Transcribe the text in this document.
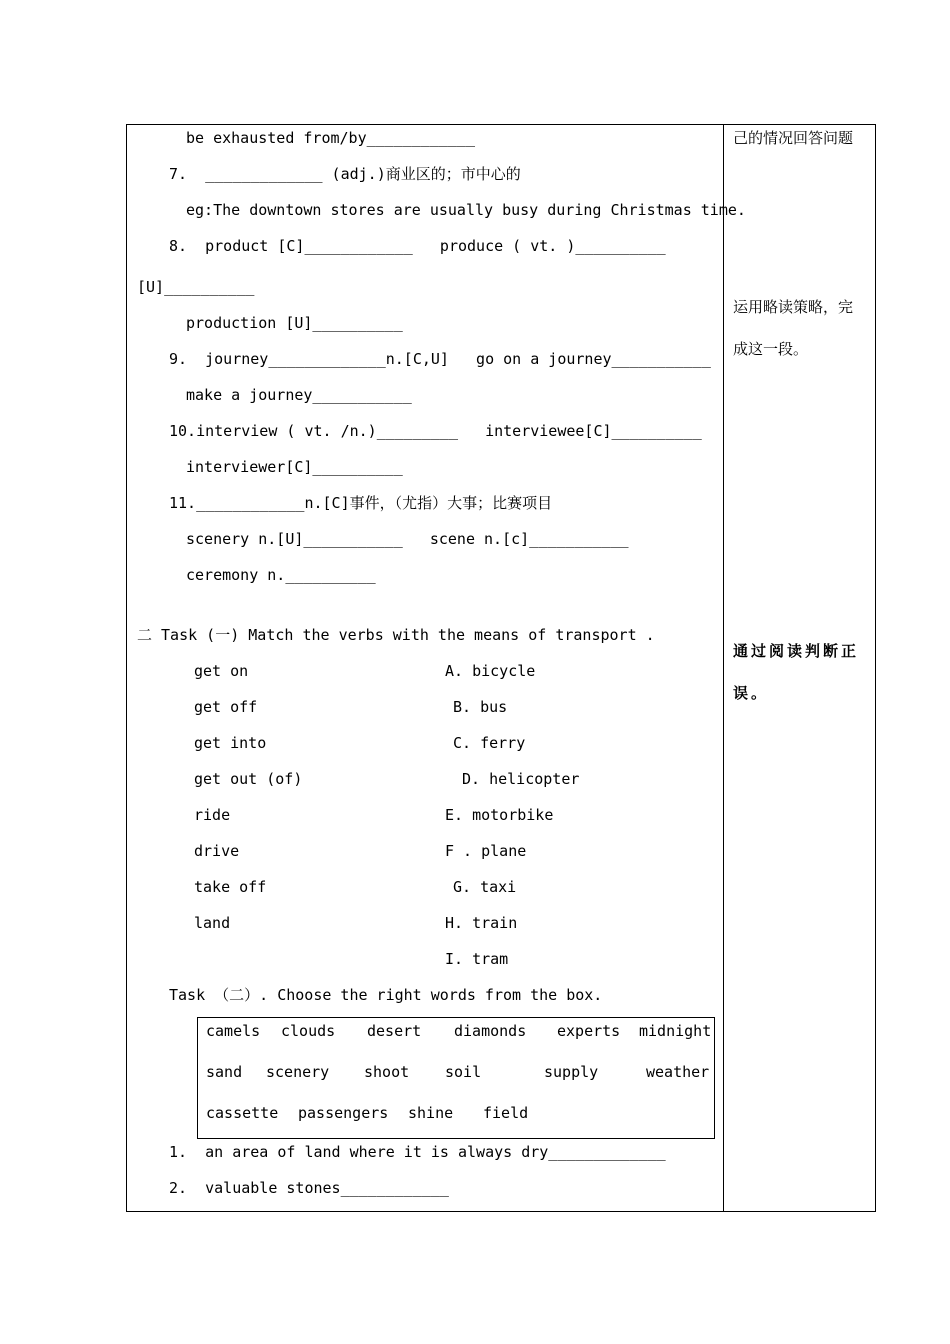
be exhausted from/by____________
7.  _____________ (adj.)商业区的；市中心的
eg:The downtown stores are usually busy during Christmas time.
8.  product [C]____________   produce ( vt. )__________
[U]__________
production [U]__________
9.  journey_____________n.[C,U]   go on a journey___________
make a journey___________
10.interview ( vt. /n.)_________   interviewee[C]__________
interviewer[C]__________
11.____________n.[C]事件，（尤指）大事；比赛项目
scenery n.[U]___________   scene n.[c]___________
ceremony n.__________
二 Task (一) Match the verbs with the means of transport .
get on
get off
get into
get out (of)
ride
drive
take off
land
A. bicycle
B. bus
C. ferry
D. helicopter
E. motorbike
F . plane
G. taxi
H. train
I. tram
Task （二）. Choose the right words from the box.
camels clouds desert diamonds experts midnight
sand scenery shoot soil	supply	weather
cassette passengers shine field
1.  an area of land where it is always dry_____________
2.  valuable stones____________
己的情况回答问题
运用略读策略，完
成这一段。
通过阅读判断正
误。
